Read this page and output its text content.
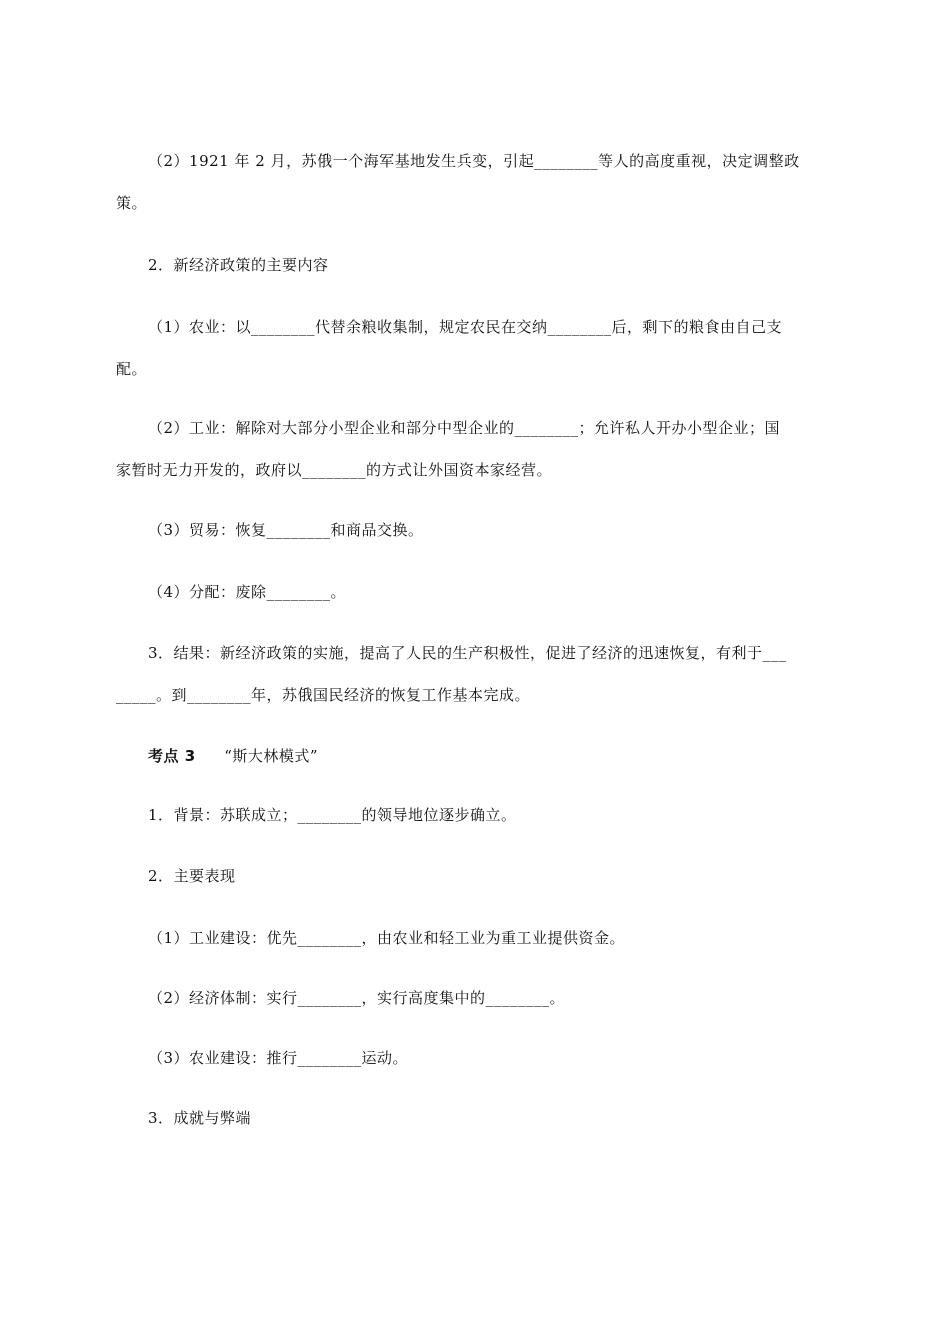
（2）1921 年 2 月，苏俄一个海军基地发生兵变，引起________等人的高度重视，决定调整政
策。
2．新经济政策的主要内容
（1）农业：以________代替余粮收集制，规定农民在交纳________后，剩下的粮食由自己支
配。
（2）工业：解除对大部分小型企业和部分中型企业的________；允许私人开办小型企业；国
家暂时无力开发的，政府以________的方式让外国资本家经营。
（3）贸易：恢复________和商品交换。
（4）分配：废除________。
3．结果：新经济政策的实施，提高了人民的生产积极性，促进了经济的迅速恢复，有利于___
_____。到________年，苏俄国民经济的恢复工作基本完成。
考点 3 “斯大林模式”
1．背景：苏联成立；________的领导地位逐步确立。
2．主要表现
（1）工业建设：优先________，由农业和轻工业为重工业提供资金。
（2）经济体制：实行________，实行高度集中的________。
（3）农业建设：推行________运动。
3．成就与弊端
